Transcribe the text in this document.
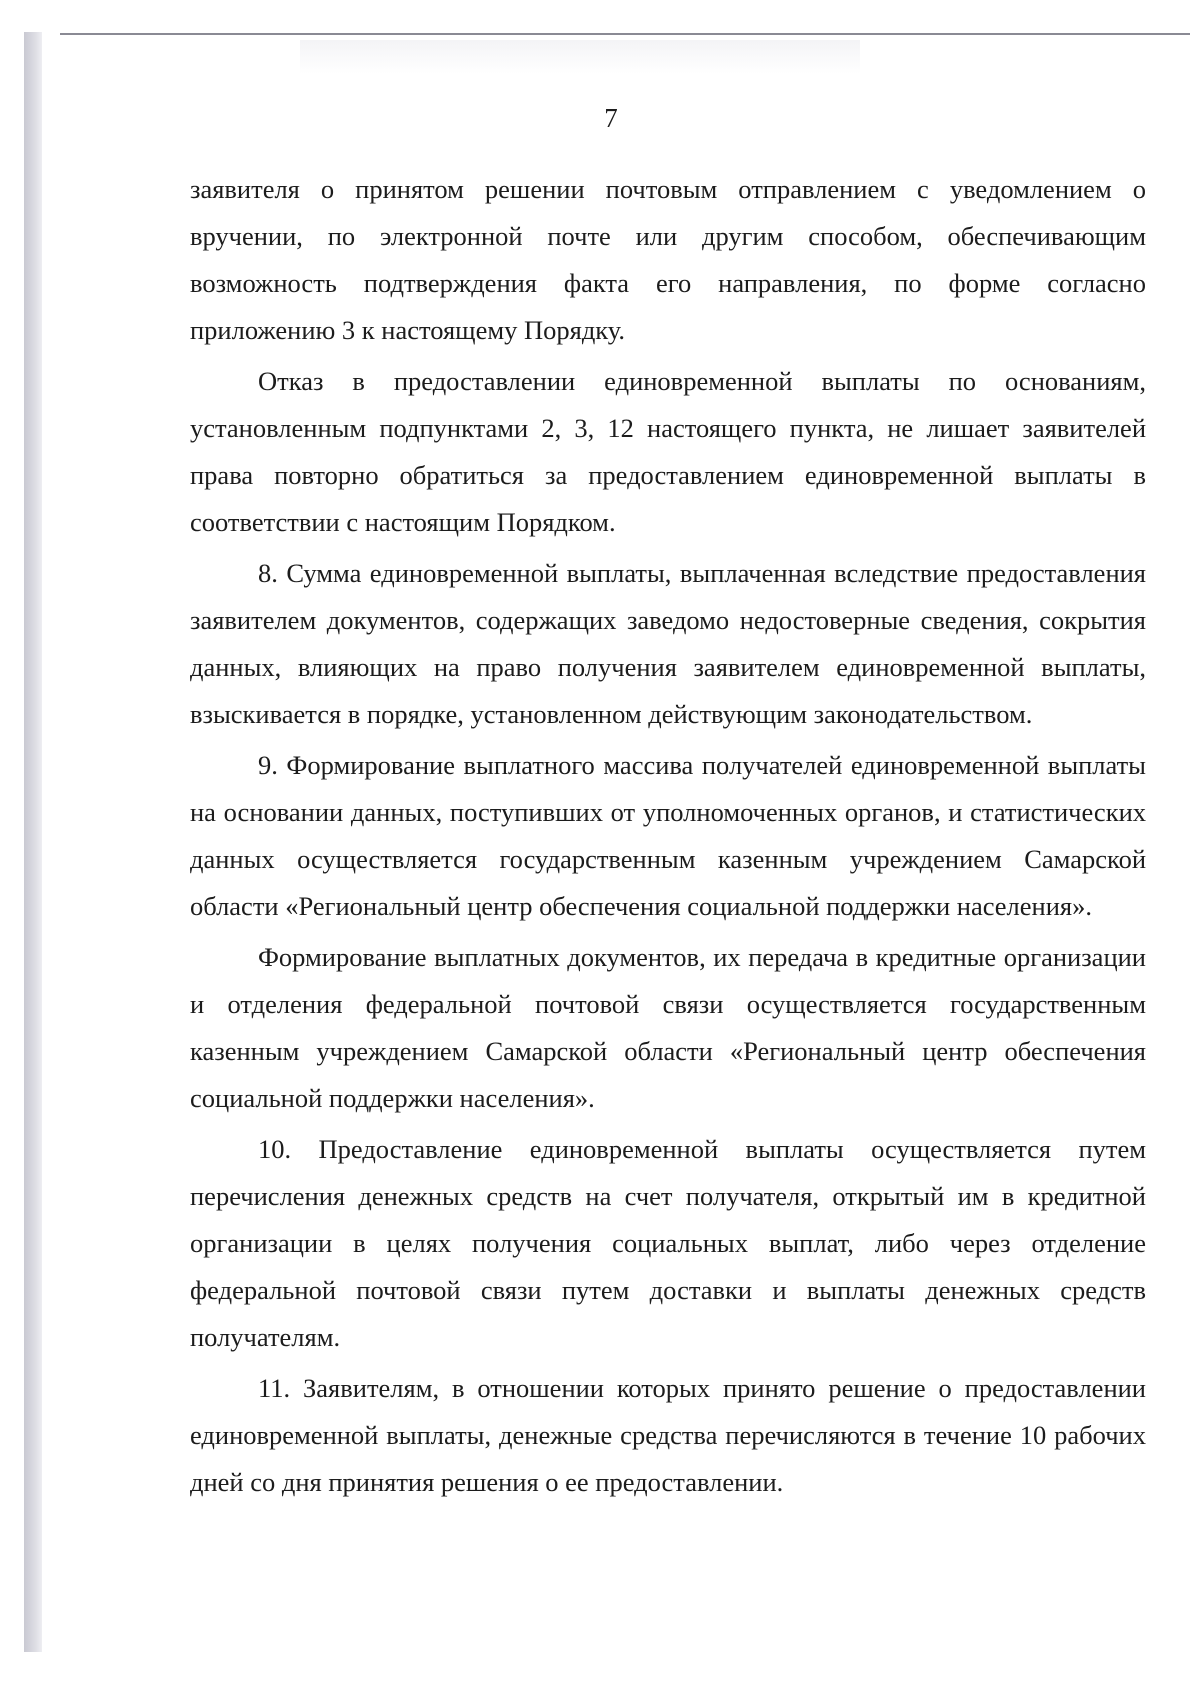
7

заявителя о принятом решении почтовым отправлением с уведомлением о вручении, по электронной почте или другим способом, обеспечивающим возможность подтверждения факта его направления, по форме согласно приложению 3 к настоящему Порядку.

Отказ в предоставлении единовременной выплаты по основаниям, установленным подпунктами 2, 3, 12 настоящего пункта, не лишает заявителей права повторно обратиться за предоставлением единовременной выплаты в соответствии с настоящим Порядком.

8. Сумма единовременной выплаты, выплаченная вследствие предоставления заявителем документов, содержащих заведомо недостоверные сведения, сокрытия данных, влияющих на право получения заявителем единовременной выплаты, взыскивается в порядке, установленном действующим законодательством.

9. Формирование выплатного массива получателей единовременной выплаты на основании данных, поступивших от уполномоченных органов, и статистических данных осуществляется государственным казенным учреждением Самарской области «Региональный центр обеспечения социальной поддержки населения».

Формирование выплатных документов, их передача в кредитные организации и отделения федеральной почтовой связи осуществляется государственным казенным учреждением Самарской области «Региональный центр обеспечения социальной поддержки населения».

10. Предоставление единовременной выплаты осуществляется путем перечисления денежных средств на счет получателя, открытый им в кредитной организации в целях получения социальных выплат, либо через отделение федеральной почтовой связи путем доставки и выплаты денежных средств получателям.

11. Заявителям, в отношении которых принято решение о предоставлении единовременной выплаты, денежные средства перечисляются в течение 10 рабочих дней со дня принятия решения о ее предоставлении.
